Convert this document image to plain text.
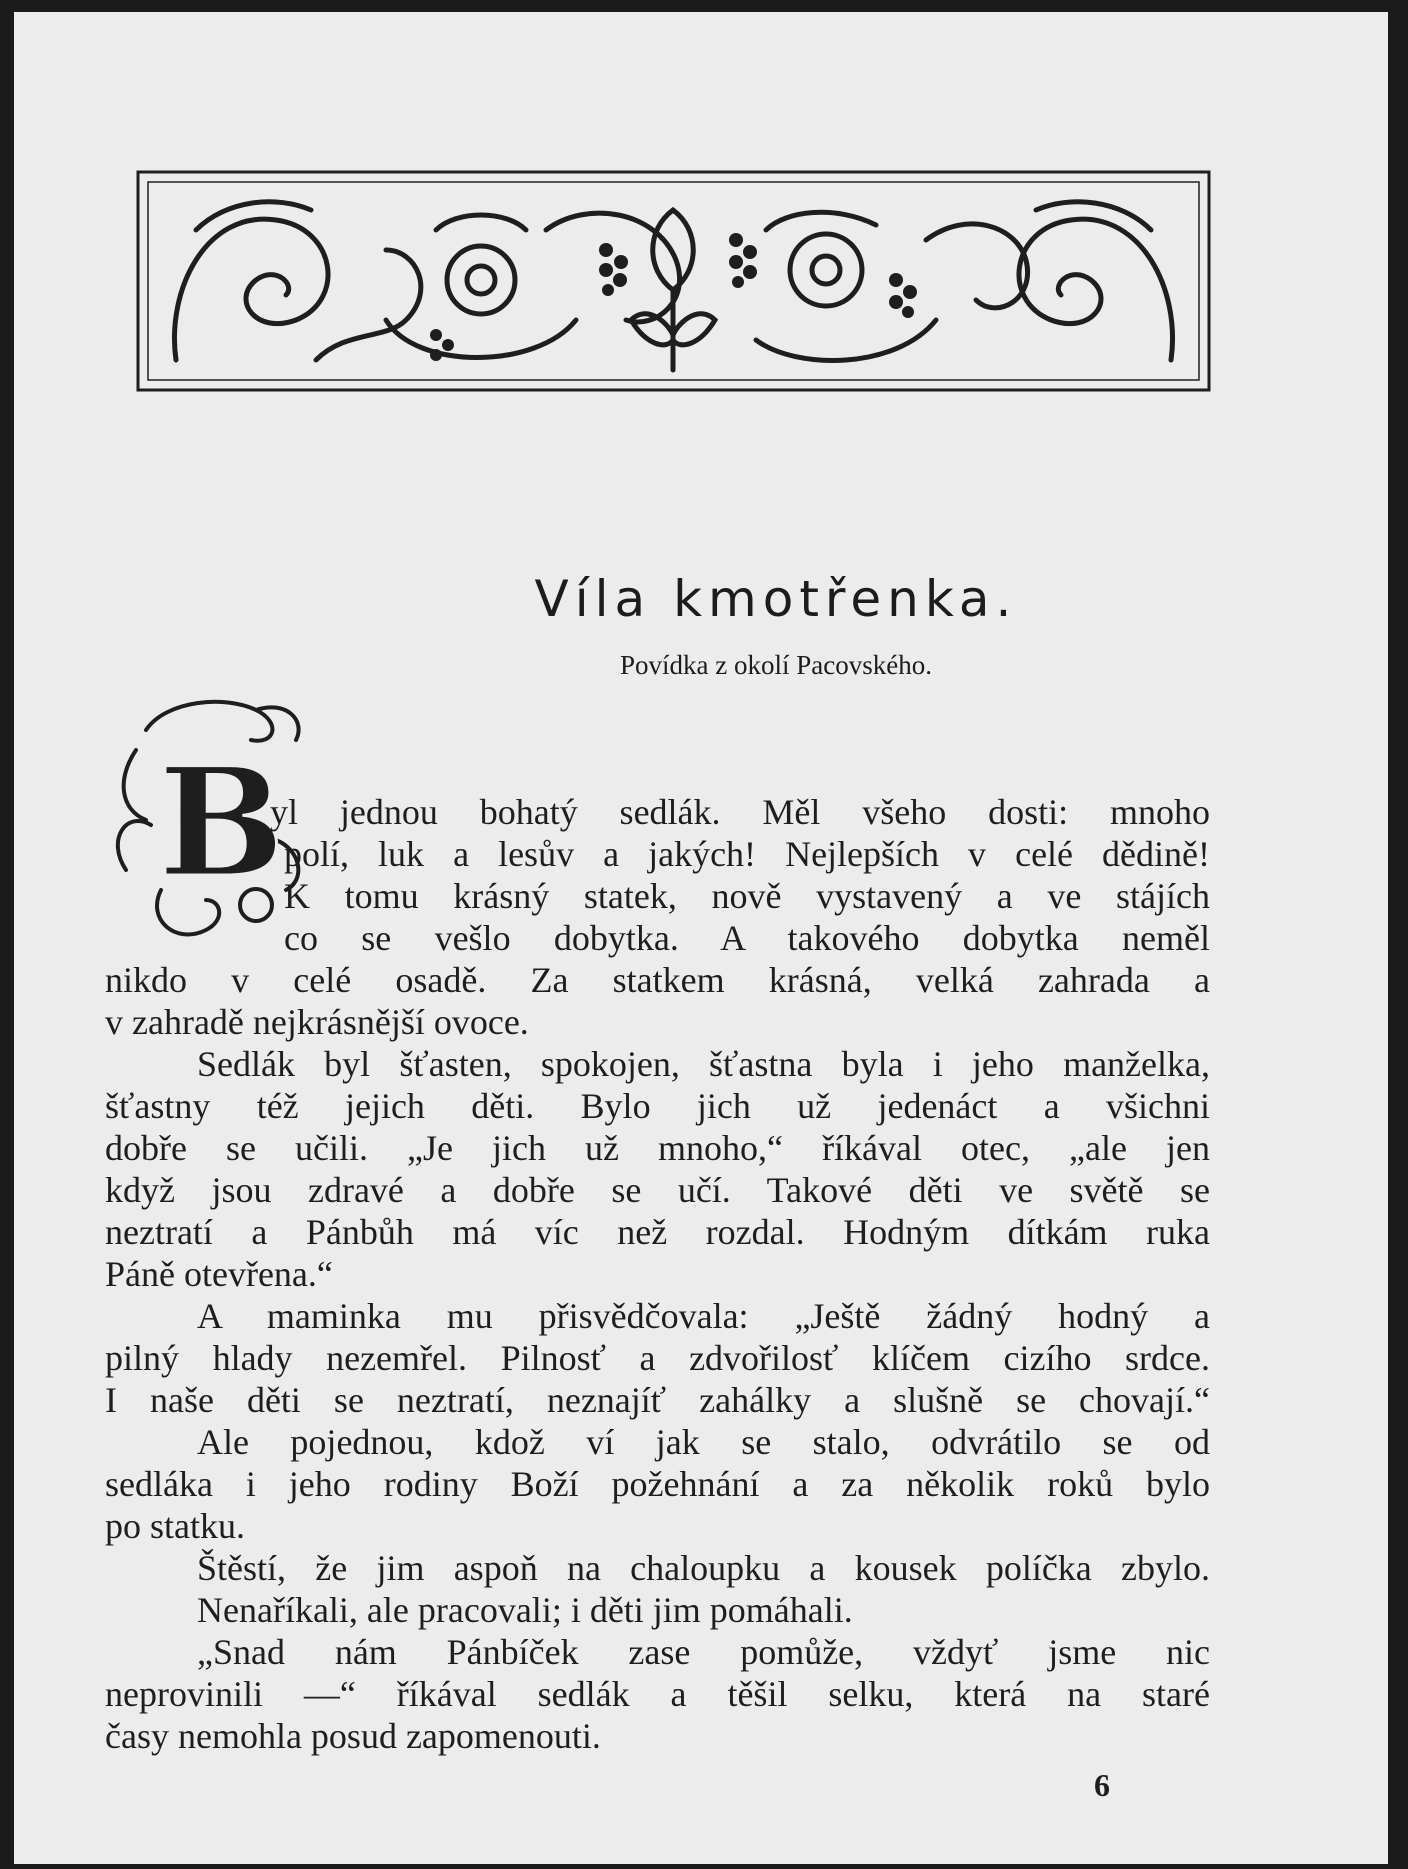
Víla kmotřenka.
Povídka z okolí Pacovského.
B
yl jednou bohatý sedlák. Měl všeho dosti: mnoho
polí, luk a lesův a jakých! Nejlepších v celé dědině!
K tomu krásný statek, nově vystavený a ve stájích
co se vešlo dobytka. A takového dobytka neměl
nikdo v celé osadě. Za statkem krásná, velká zahrada a
v zahradě nejkrásnější ovoce.
Sedlák byl šťasten, spokojen, šťastna byla i jeho manželka,
šťastny též jejich děti. Bylo jich už jedenáct a všichni
dobře se učili. „Je jich už mnoho,“ říkával otec, „ale jen
když jsou zdravé a dobře se učí. Takové děti ve světě se
neztratí a Pánbůh má víc než rozdal. Hodným dítkám ruka
Páně otevřena.“
A maminka mu přisvědčovala: „Ještě žádný hodný a
pilný hlady nezemřel. Pilnosť a zdvořilosť klíčem cizího srdce.
I naše děti se neztratí, neznajíť zahálky a slušně se chovají.“
Ale pojednou, kdož ví jak se stalo, odvrátilo se od
sedláka i jeho rodiny Boží požehnání a za několik roků bylo
po statku.
Štěstí, že jim aspoň na chaloupku a kousek políčka zbylo.
Nenaříkali, ale pracovali; i děti jim pomáhali.
„Snad nám Pánbíček zase pomůže, vždyť jsme nic
neprovinili —“ říkával sedlák a těšil selku, která na staré
časy nemohla posud zapomenouti.
6
